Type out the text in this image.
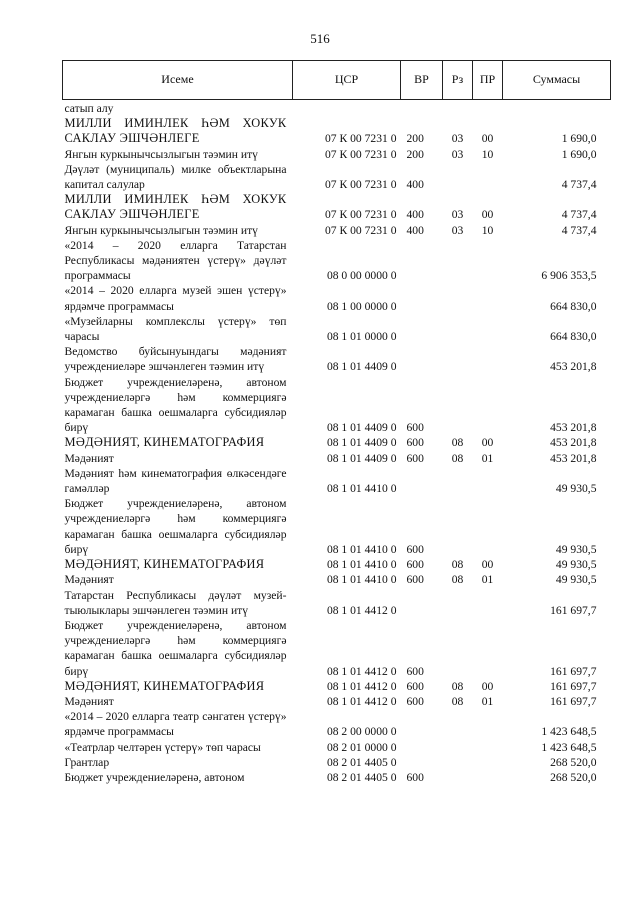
516
Исеме	ЦСР	ВР	Рз	ПР	Суммасы
сатып алу					
МИЛЛИ ИМИНЛЕК ҺӘМ ХОКУК САКЛАУ ЭШЧӘНЛЕГЕ	07 К 00 7231 0	200	03	00	1 690,0
Янгын куркынычсызлыгын тәэмин итү	07 К 00 7231 0	200	03	10	1 690,0
Дәүләт (муниципаль) милке объектларына капитал салулар	07 К 00 7231 0	400			4 737,4
МИЛЛИ ИМИНЛЕК ҺӘМ ХОКУК САКЛАУ ЭШЧӘНЛЕГЕ	07 К 00 7231 0	400	03	00	4 737,4
Янгын куркынычсызлыгын тәэмин итү	07 К 00 7231 0	400	03	10	4 737,4
«2014 – 2020 елларга Татарстан Республикасы мәдәниятен үстерү» дәүләт программасы	08 0 00 0000 0				6 906 353,5
«2014 – 2020 елларга музей эшен үстерү» ярдәмче программасы	08 1 00 0000 0				664 830,0
«Музейларны комплекслы үстерү» төп чарасы	08 1 01 0000 0				664 830,0
Ведомство буйсынуындагы мәдәният учреждениеләре эшчәнлеген тәэмин итү	08 1 01 4409 0				453 201,8
Бюджет учреждениеләренә, автоном учреждениеләргә һәм коммерциягә карамаган башка оешмаларга субсидияләр бирү	08 1 01 4409 0	600			453 201,8
МӘДӘНИЯТ, КИНЕМАТОГРАФИЯ	08 1 01 4409 0	600	08	00	453 201,8
Мәдәният	08 1 01 4409 0	600	08	01	453 201,8
Мәдәният һәм кинематография өлкәсендәге гамәлләр	08 1 01 4410 0				49 930,5
Бюджет учреждениеләренә, автоном учреждениеләргә һәм коммерциягә карамаган башка оешмаларга субсидияләр бирү	08 1 01 4410 0	600			49 930,5
МӘДӘНИЯТ, КИНЕМАТОГРАФИЯ	08 1 01 4410 0	600	08	00	49 930,5
Мәдәният	08 1 01 4410 0	600	08	01	49 930,5
Татарстан Республикасы дәүләт музей-тыюлыклары эшчәнлеген тәэмин итү	08 1 01 4412 0				161 697,7
Бюджет учреждениеләренә, автоном учреждениеләргә һәм коммерциягә карамаган башка оешмаларга субсидияләр бирү	08 1 01 4412 0	600			161 697,7
МӘДӘНИЯТ, КИНЕМАТОГРАФИЯ	08 1 01 4412 0	600	08	00	161 697,7
Мәдәният	08 1 01 4412 0	600	08	01	161 697,7
«2014 – 2020 елларга театр сәнгатен үстерү» ярдәмче программасы	08 2 00 0000 0				1 423 648,5
«Театрлар челтәрен үстерү» төп чарасы	08 2 01 0000 0				1 423 648,5
Грантлар	08 2 01 4405 0				268 520,0
Бюджет учреждениеләренә, автоном	08 2 01 4405 0	600			268 520,0
